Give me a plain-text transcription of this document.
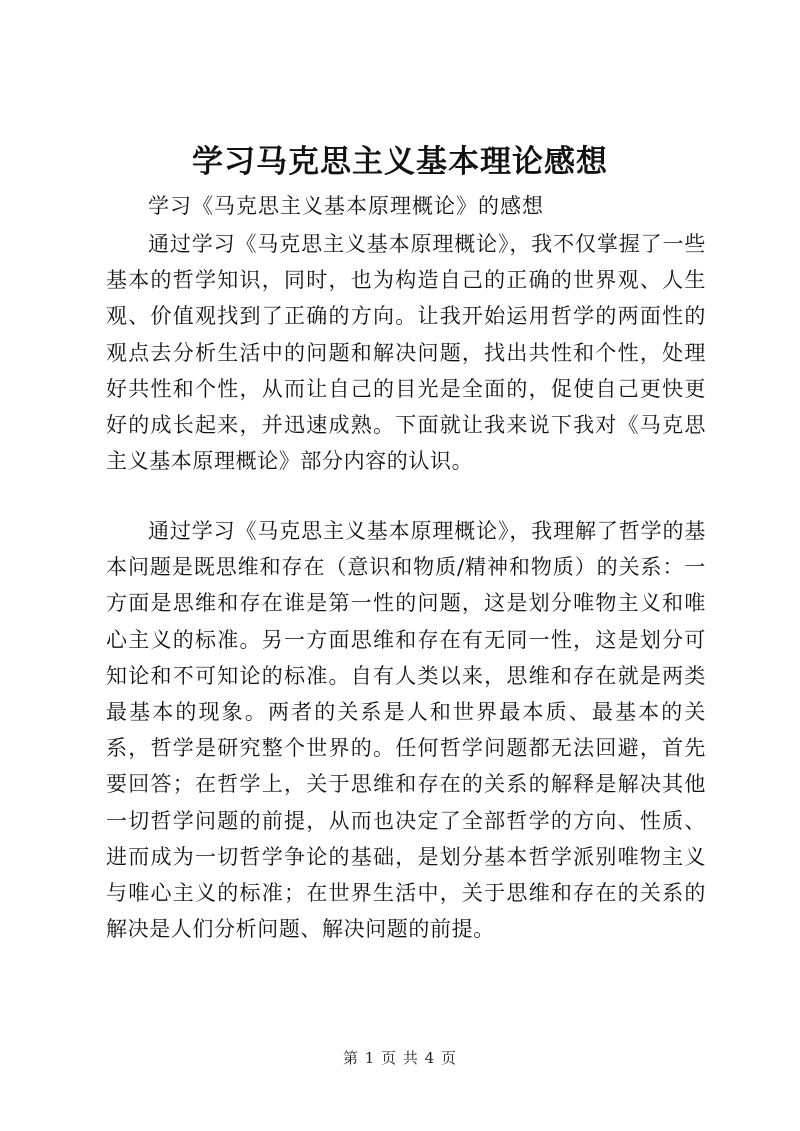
学习马克思主义基本理论感想
学习《马克思主义基本原理概论》的感想
通过学习《马克思主义基本原理概论》，我不仅掌握了一些基本的哲学知识，同时，也为构造自己的正确的世界观、人生观、价值观找到了正确的方向。让我开始运用哲学的两面性的观点去分析生活中的问题和解决问题，找出共性和个性，处理好共性和个性，从而让自己的目光是全面的，促使自己更快更好的成长起来，并迅速成熟。下面就让我来说下我对《马克思主义基本原理概论》部分内容的认识。
通过学习《马克思主义基本原理概论》，我理解了哲学的基本问题是既思维和存在（意识和物质/精神和物质）的关系：一方面是思维和存在谁是第一性的问题，这是划分唯物主义和唯心主义的标准。另一方面思维和存在有无同一性，这是划分可知论和不可知论的标准。自有人类以来，思维和存在就是两类最基本的现象。两者的关系是人和世界最本质、最基本的关系，哲学是研究整个世界的。任何哲学问题都无法回避，首先要回答；在哲学上，关于思维和存在的关系的解释是解决其他一切哲学问题的前提，从而也决定了全部哲学的方向、性质、进而成为一切哲学争论的基础，是划分基本哲学派别唯物主义与唯心主义的标准；在世界生活中，关于思维和存在的关系的解决是人们分析问题、解决问题的前提。
第 1 页 共 4 页
